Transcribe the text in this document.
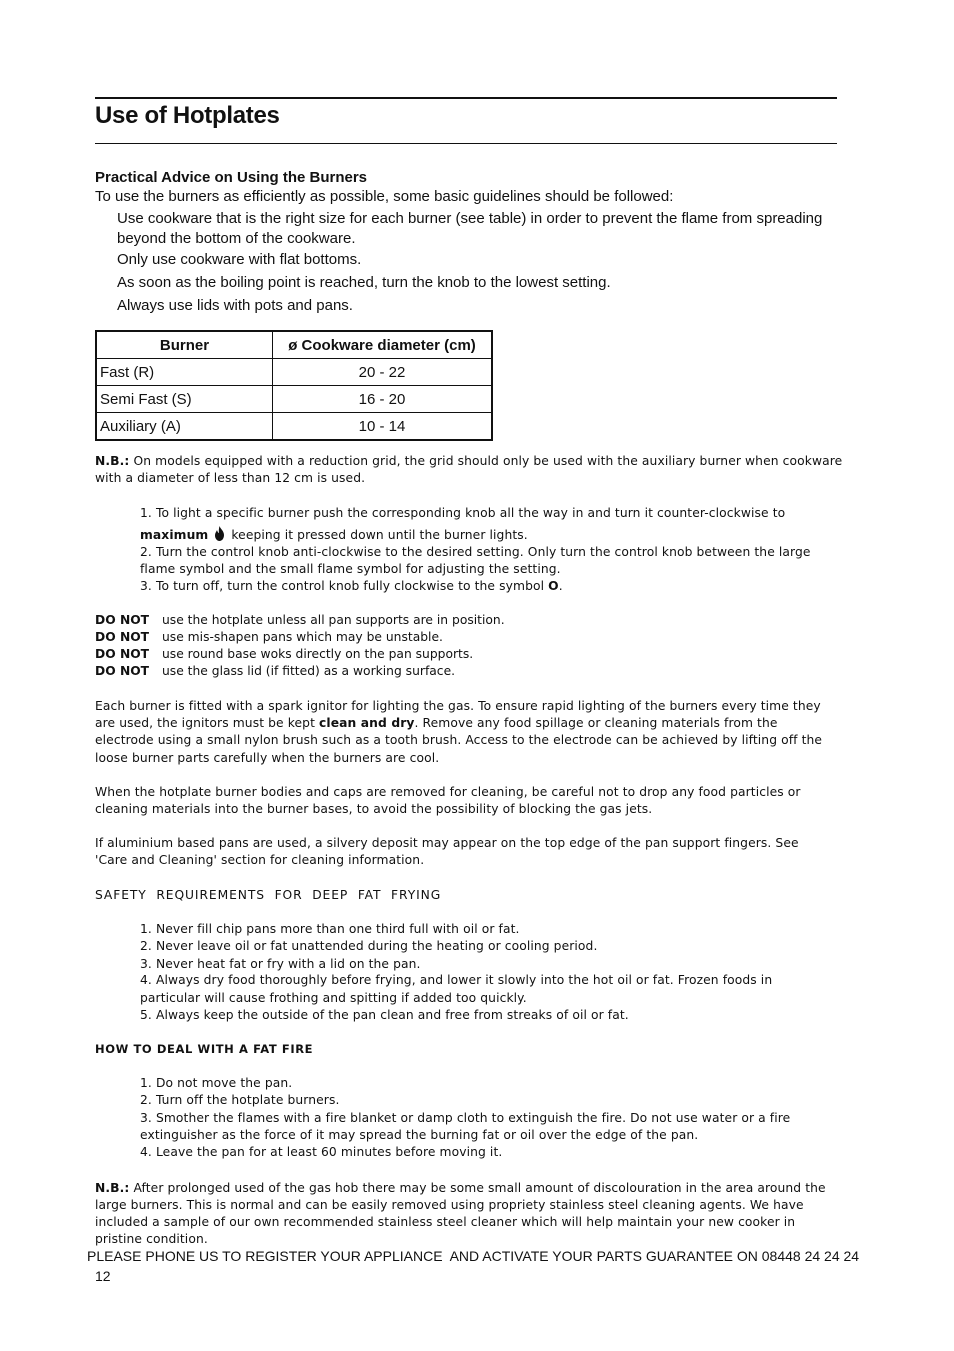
Use of Hotplates
Practical Advice on Using the Burners
To use the burners as efficiently as possible, some basic guidelines should be followed:
Use cookware that is the right size for each burner (see table) in order to prevent the flame from spreading
beyond the bottom of the cookware.
Only use cookware with flat bottoms.
As soon as the boiling point is reached, turn the knob to the lowest setting.
Always use lids with pots and pans.
Burner	ø Cookware diameter (cm)
Fast (R)	20 - 22
Semi Fast (S)	16 - 20
Auxiliary (A)	10 - 14
N.B.: On models equipped with a reduction grid, the grid should only be used with the auxiliary burner when cookware
with a diameter of less than 12 cm is used.
1. To light a specific burner push the corresponding knob all the way in and turn it counter-clockwise to
maximum keeping it pressed down until the burner lights.
2. Turn the control knob anti-clockwise to the desired setting. Only turn the control knob between the large
flame symbol and the small flame symbol for adjusting the setting.
3. To turn off, turn the control knob fully clockwise to the symbol O.
DO NOT use the hotplate unless all pan supports are in position.
DO NOT use mis-shapen pans which may be unstable.
DO NOT use round base woks directly on the pan supports.
DO NOT use the glass lid (if fitted) as a working surface.
Each burner is fitted with a spark ignitor for lighting the gas. To ensure rapid lighting of the burners every time they
are used, the ignitors must be kept clean and dry. Remove any food spillage or cleaning materials from the
electrode using a small nylon brush such as a tooth brush. Access to the electrode can be achieved by lifting off the
loose burner parts carefully when the burners are cool.
When the hotplate burner bodies and caps are removed for cleaning, be careful not to drop any food particles or
cleaning materials into the burner bases, to avoid the possibility of blocking the gas jets.
If aluminium based pans are used, a silvery deposit may appear on the top edge of the pan support fingers. See
'Care and Cleaning' section for cleaning information.
SAFETY  REQUIREMENTS  FOR  DEEP  FAT  FRYING
1. Never fill chip pans more than one third full with oil or fat.
2. Never leave oil or fat unattended during the heating or cooling period.
3. Never heat fat or fry with a lid on the pan.
4. Always dry food thoroughly before frying, and lower it slowly into the hot oil or fat. Frozen foods in
particular will cause frothing and spitting if added too quickly.
5. Always keep the outside of the pan clean and free from streaks of oil or fat.
HOW TO DEAL WITH A FAT FIRE
1. Do not move the pan.
2. Turn off the hotplate burners.
3. Smother the flames with a fire blanket or damp cloth to extinguish the fire. Do not use water or a fire
extinguisher as the force of it may spread the burning fat or oil over the edge of the pan.
4. Leave the pan for at least 60 minutes before moving it.
N.B.: After prolonged used of the gas hob there may be some small amount of discolouration in the area around the
large burners. This is normal and can be easily removed using propriety stainless steel cleaning agents. We have
included a sample of our own recommended stainless steel cleaner which will help maintain your new cooker in
pristine condition.
PLEASE PHONE US TO REGISTER YOUR APPLIANCE  AND ACTIVATE YOUR PARTS GUARANTEE ON 08448 24 24 24
12
